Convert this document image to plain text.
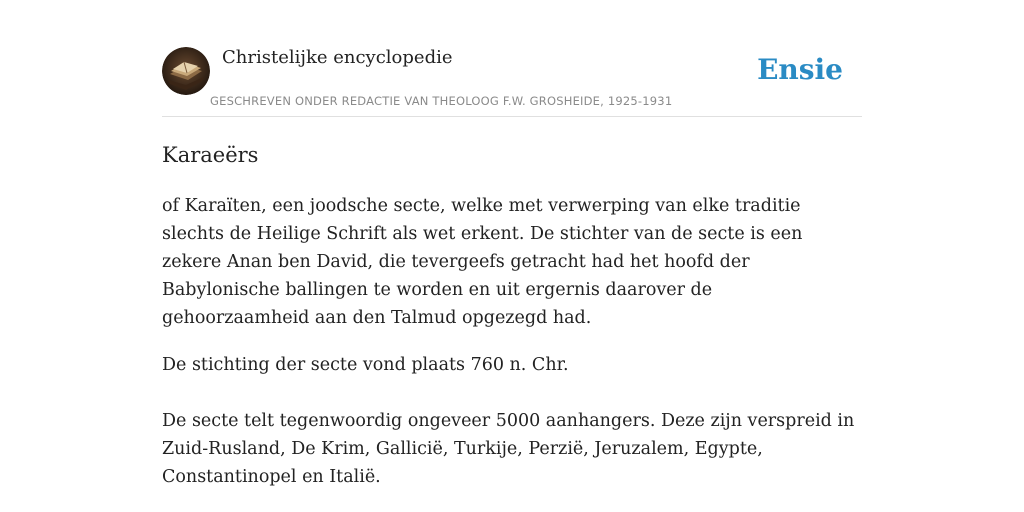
Christelijke encyclopedie
GESCHREVEN ONDER REDACTIE VAN THEOLOOG F.W. GROSHEIDE, 1925-1931
Ensie
Karaeërs

of Karaïten, een joodsche secte, welke met verwerping van elke traditie slechts de Heilige Schrift als wet erkent. De stichter van de secte is een zekere Anan ben David, die tevergeefs getracht had het hoofd der Babylonische ballingen te worden en uit ergernis daarover de gehoorzaamheid aan den Talmud opgezegd had.

De stichting der secte vond plaats 760 n. Chr.

De secte telt tegenwoordig ongeveer 5000 aanhangers. Deze zijn verspreid in Zuid-Rusland, De Krim, Gallicië, Turkije, Perzië, Jeruzalem, Egypte, Constantinopel en Italië.
